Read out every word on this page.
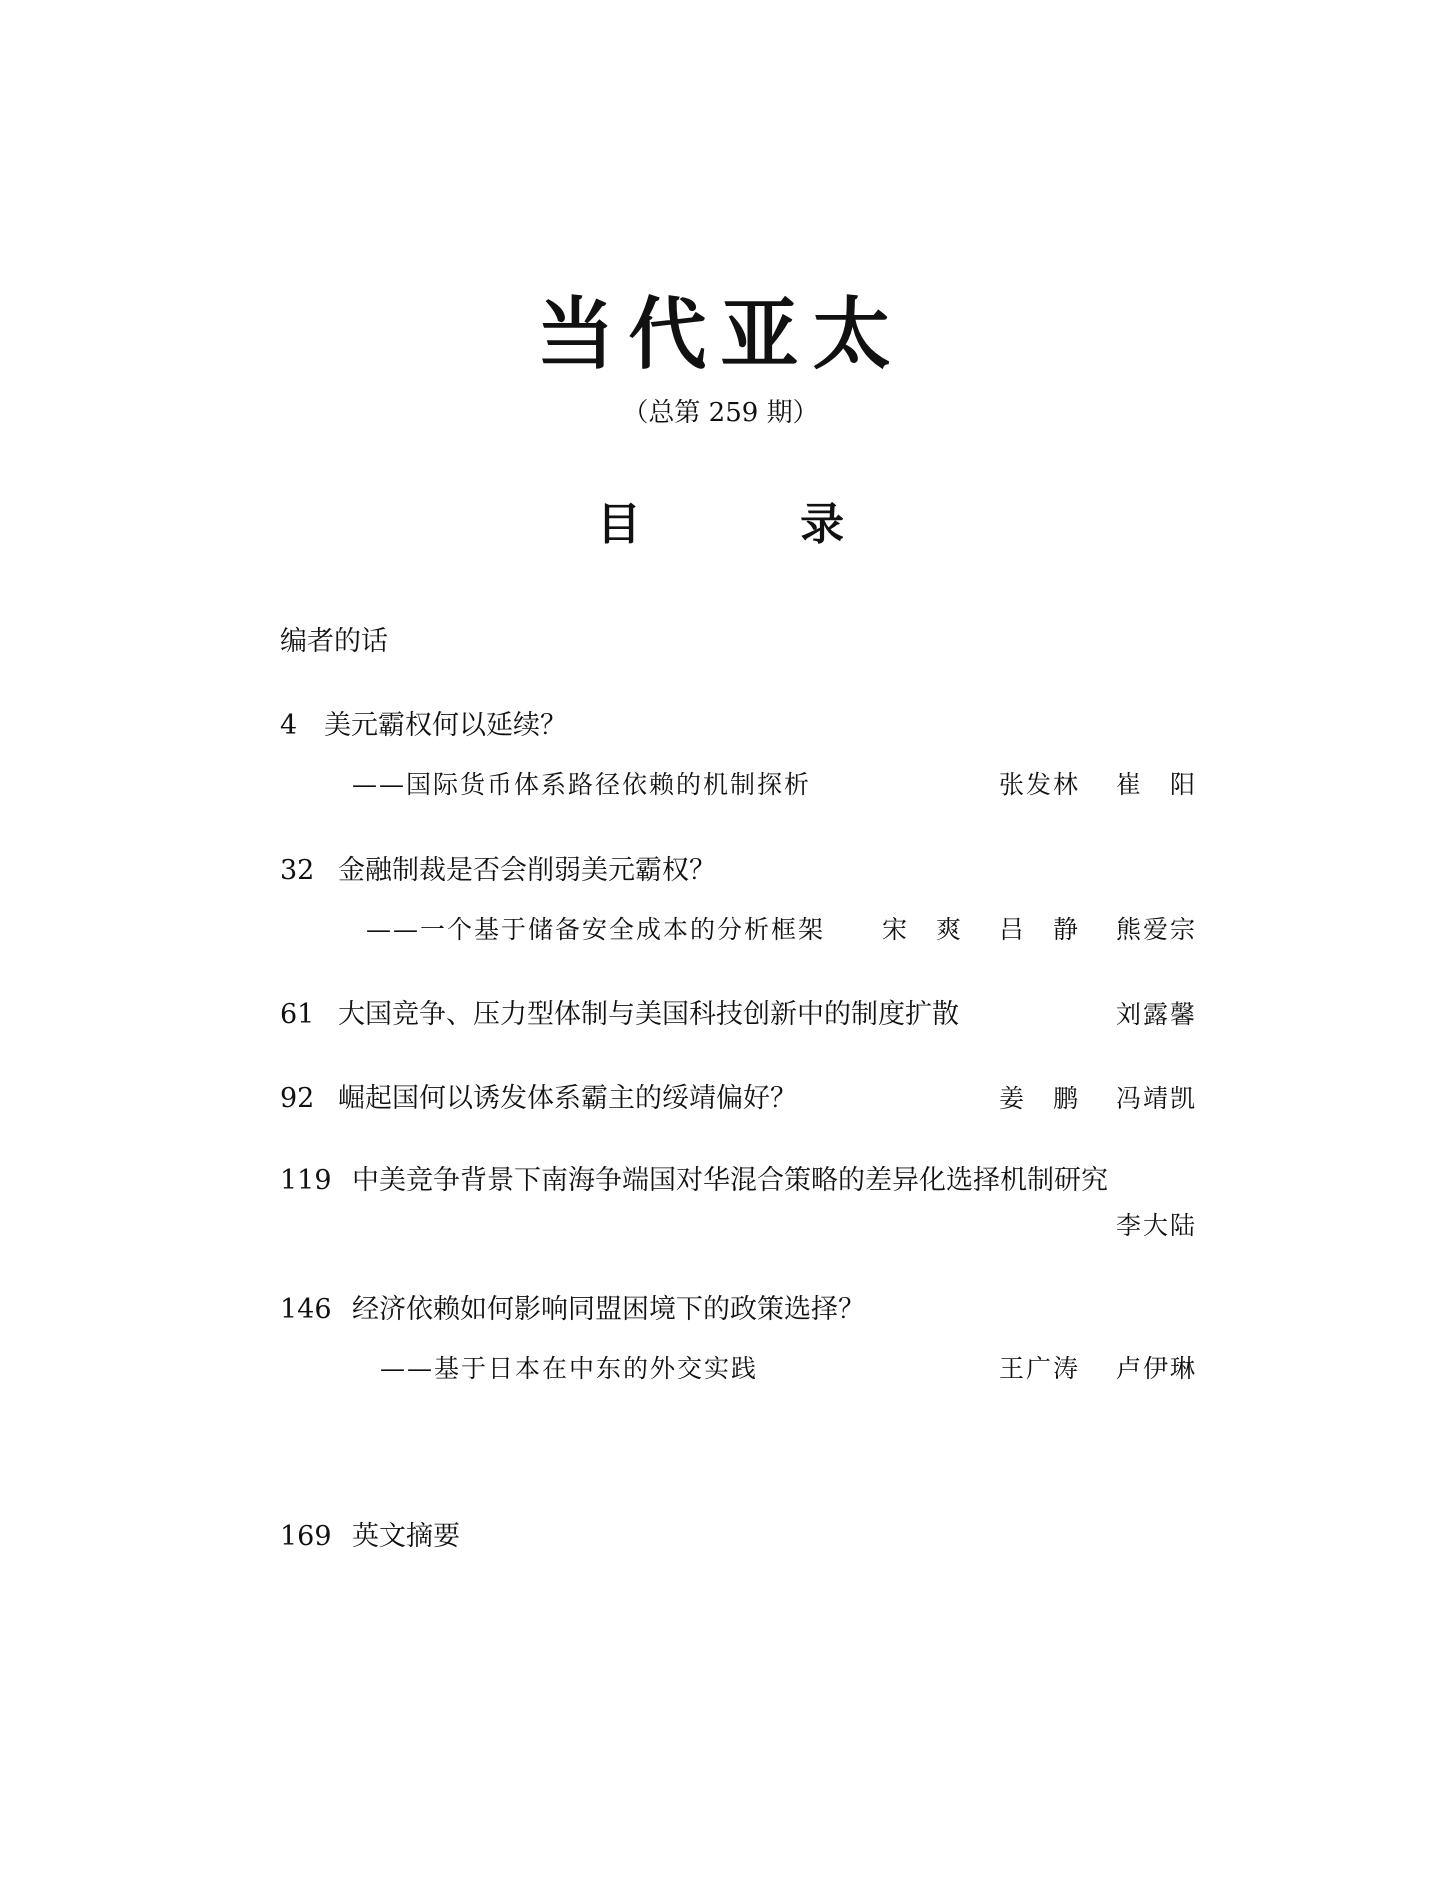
当代亚太
（总第 259 期）
目 录
编者的话
4 美元霸权何以延续？
——国际货币体系路径依赖的机制探析	张发林 崔　阳
32 金融制裁是否会削弱美元霸权？
——一个基于储备安全成本的分析框架 宋　爽 吕　静 熊爱宗
61 大国竞争、压力型体制与美国科技创新中的制度扩散	刘露馨
92 崛起国何以诱发体系霸主的绥靖偏好？	姜　鹏 冯靖凯
119 中美竞争背景下南海争端国对华混合策略的差异化选择机制研究
李大陆
146 经济依赖如何影响同盟困境下的政策选择？
——基于日本在中东的外交实践	王广涛 卢伊琳
169 英文摘要
